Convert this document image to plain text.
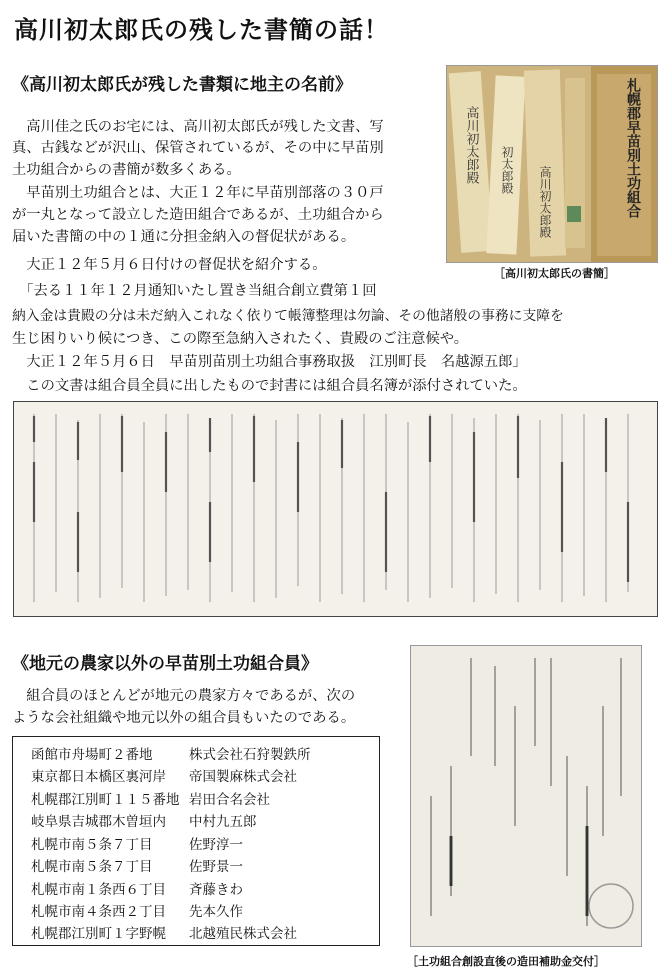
高川初太郎氏の残した書簡の話！
《高川初太郎氏が残した書類に地主の名前》
　高川佳之氏のお宅には、高川初太郎氏が残した文書、写
真、古銭などが沢山、保管されているが、その中に早苗別
土功組合からの書簡が数多くある。
　早苗別土功組合とは、大正１２年に早苗別部落の３０戸
が一丸となって設立した造田組合であるが、土功組合から
届いた書簡の中の１通に分担金納入の督促状がある。
　大正１２年５月６日付けの督促状を紹介する。
　「去る１１年１２月通知いたし置き当組合創立費第１回
納入金は貴殿の分は未だ納入これなく依りて帳簿整理は勿論、その他諸般の事務に支障を
生じ困りいり候につき、この際至急納入されたく、貴殿のご注意候や。
　大正１２年５月６日　早苗別苗別土功組合事務取扱　江別町長　名越源五郎」
　この文書は組合員全員に出したもので封書には組合員名簿が添付されていた。
高川初太郎殿 初太郎殿 高川初太郎殿	札幌郡早苗別土功組合
［高川初太郎氏の書簡］
《地元の農家以外の早苗別土功組合員》
　組合員のほとんどが地元の農家方々であるが、次の
ような会社組織や地元以外の組合員もいたのである。
函館市舟場町２番地	株式会社石狩製鉄所
東京都日本橋区裏河岸 帝国製麻株式会社
札幌郡江別町１１５番地 岩田合名会社
岐阜県吉城郡木曽垣内 中村九五郎
札幌市南５条７丁目	佐野淳一
札幌市南５条７丁目	佐野景一
札幌市南１条西６丁目 斉藤きわ
札幌市南４条西２丁目 先本久作
札幌郡江別町１字野幌 北越殖民株式会社
［土功組合創設直後の造田補助金交付］
